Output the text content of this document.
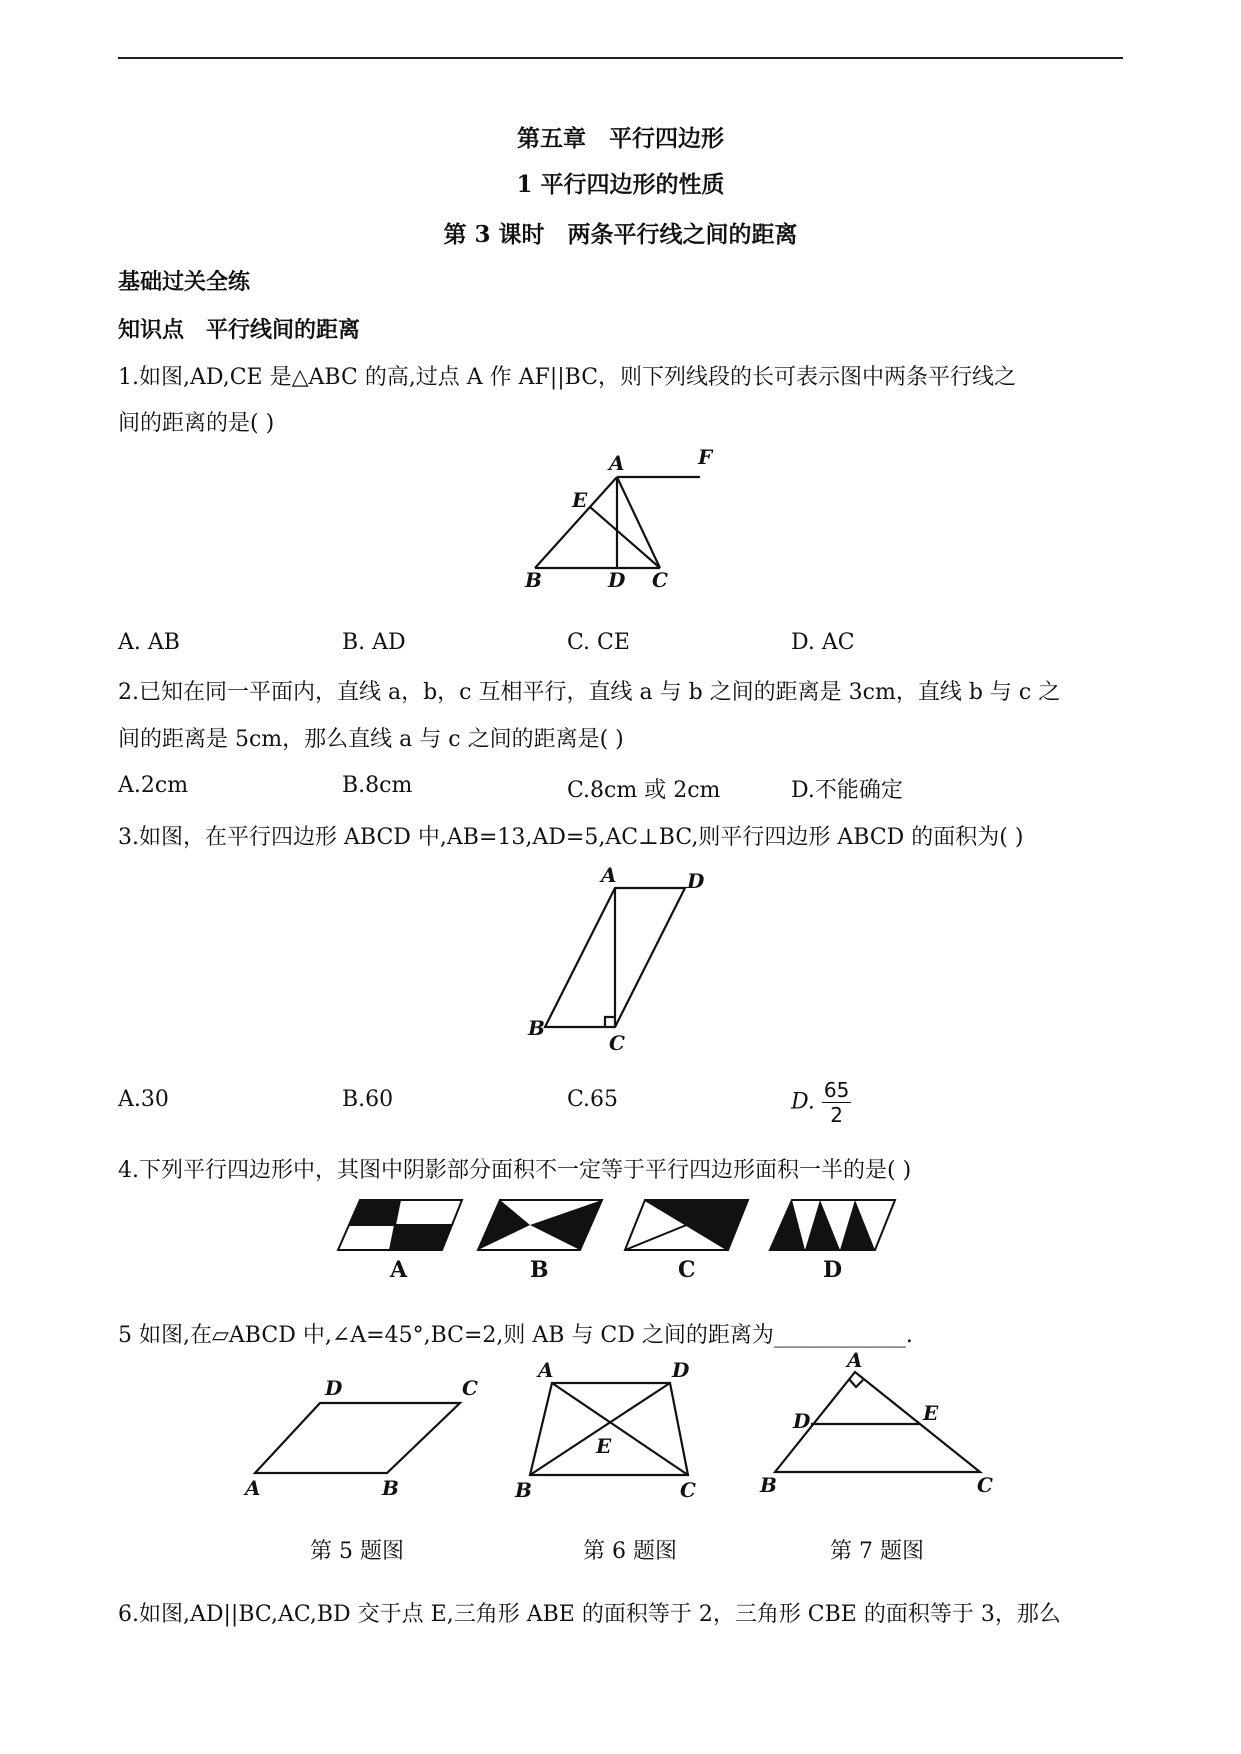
第五章　平行四边形
1 平行四边形的性质
第 3 课时　两条平行线之间的距离
基础过关全练
知识点　平行线间的距离
1.如图,AD,CE 是△ABC 的高,过点 A 作 AF||BC，则下列线段的长可表示图中两条平行线之
间的距离的是( )
A	F
E
B	D C
A. AB	B. AD	C. CE	D. AC
2.已知在同一平面内，直线 a，b，c 互相平行，直线 a 与 b 之间的距离是 3cm，直线 b 与 c 之
间的距离是 5cm，那么直线 a 与 c 之间的距离是( )
A.2cm	B.8cm	C.8cm 或 2cm	D.不能确定
3.如图，在平行四边形 ABCD 中,AB=13,AD=5,AC⊥BC,则平行四边形 ABCD 的面积为( )
A	D
B
C
A.30	B.60	C.65	D. $\frac{65}{2}$
4.下列平行四边形中，其图中阴影部分面积不一定等于平行四边形面积一半的是( )
A	B	C	D
5 如图,在▱ABCD 中,∠A=45°,BC=2,则 AB 与 CD 之间的距离为____________.
D	C
A	B
A	D
E
B	C
A
D	E
B	C
第 5 题图	第 6 题图	第 7 题图
6.如图,AD||BC,AC,BD 交于点 E,三角形 ABE 的面积等于 2，三角形 CBE 的面积等于 3，那么
